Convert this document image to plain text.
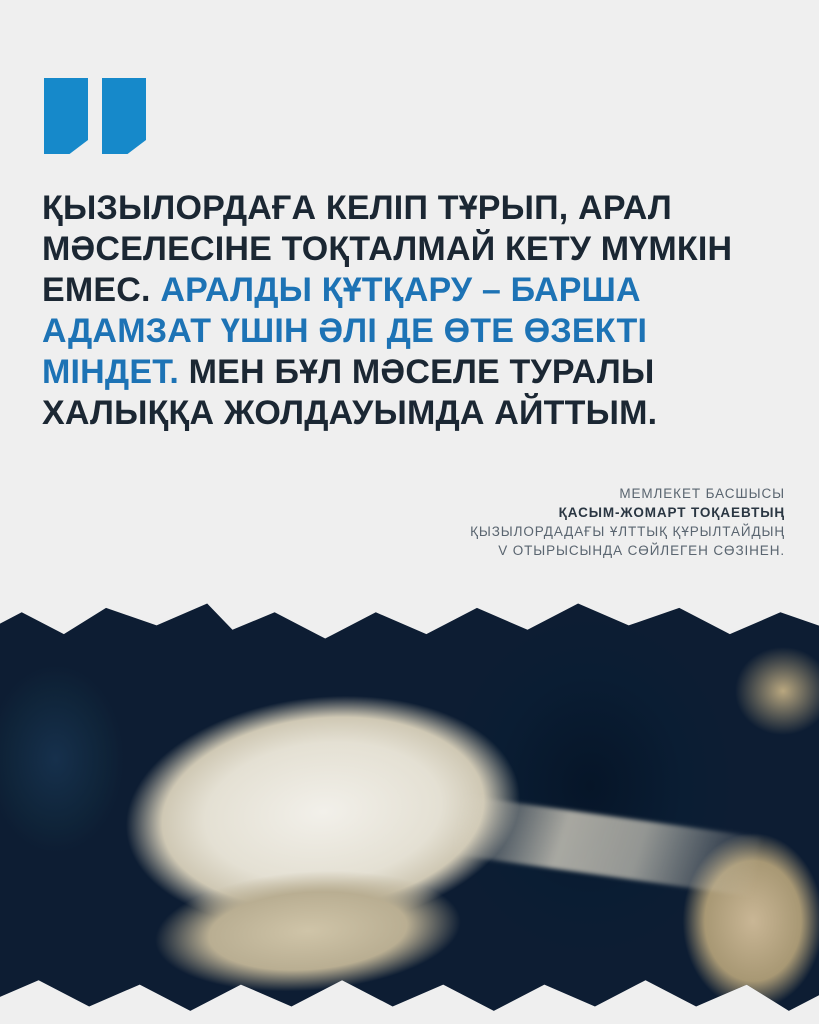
ҚЫЗЫЛОРДАҒА КЕЛІП ТҰРЫП, АРАЛ МӘСЕЛЕСІНЕ ТОҚТАЛМАЙ КЕТУ МҮМКІН ЕМЕС. АРАЛДЫ ҚҰТҚАРУ – БАРША АДАМЗАТ ҮШІН ӘЛІ ДЕ ӨТЕ ӨЗЕКТІ МІНДЕТ. МЕН БҰЛ МӘСЕЛЕ ТУРАЛЫ ХАЛЫҚҚА ЖОЛДАУЫМДА АЙТТЫМ.
МЕМЛЕКЕТ БАСШЫСЫ
ҚАСЫМ-ЖОМАРТ ТОҚАЕВТЫҢ
ҚЫЗЫЛОРДАДАҒЫ ҰЛТТЫҚ ҚҰРЫЛТАЙДЫҢ
V ОТЫРЫСЫНДА СӨЙЛЕГЕН СӨЗІНЕН.
